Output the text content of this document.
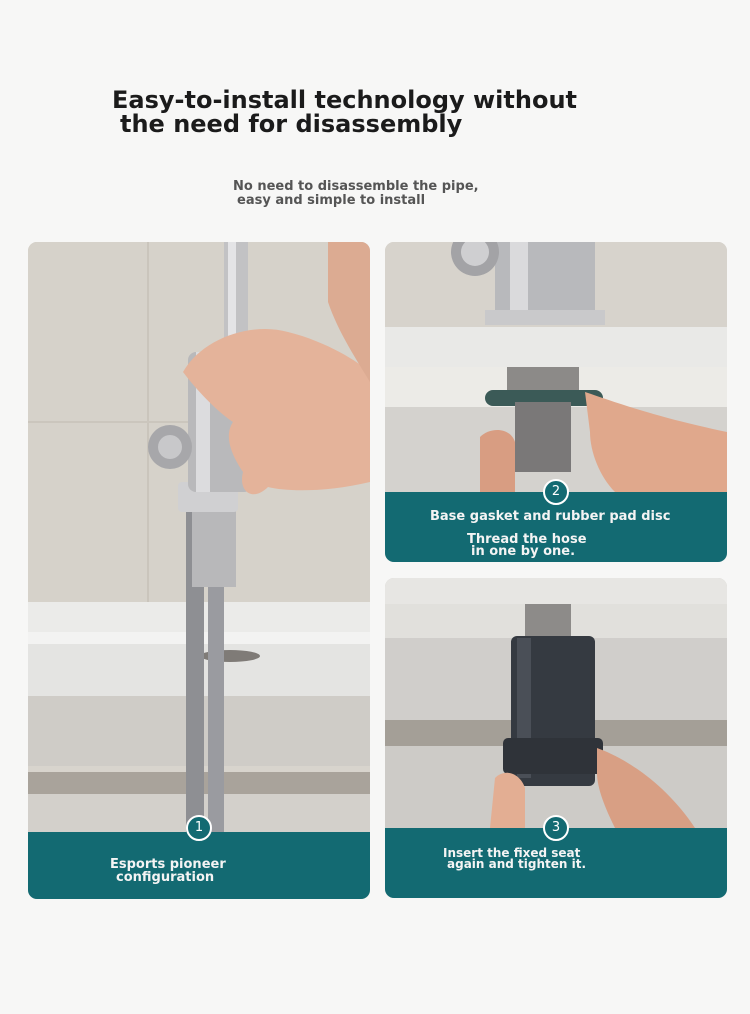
Easy-to-install technology without

the need for disassembly

No need to disassemble the pipe,

easy and simple to install

1
Esports pioneer
configuration
2
Base gasket and rubber pad disc
Thread the hose
in one by one.
3
Insert the fixed seat
again and tighten it.
